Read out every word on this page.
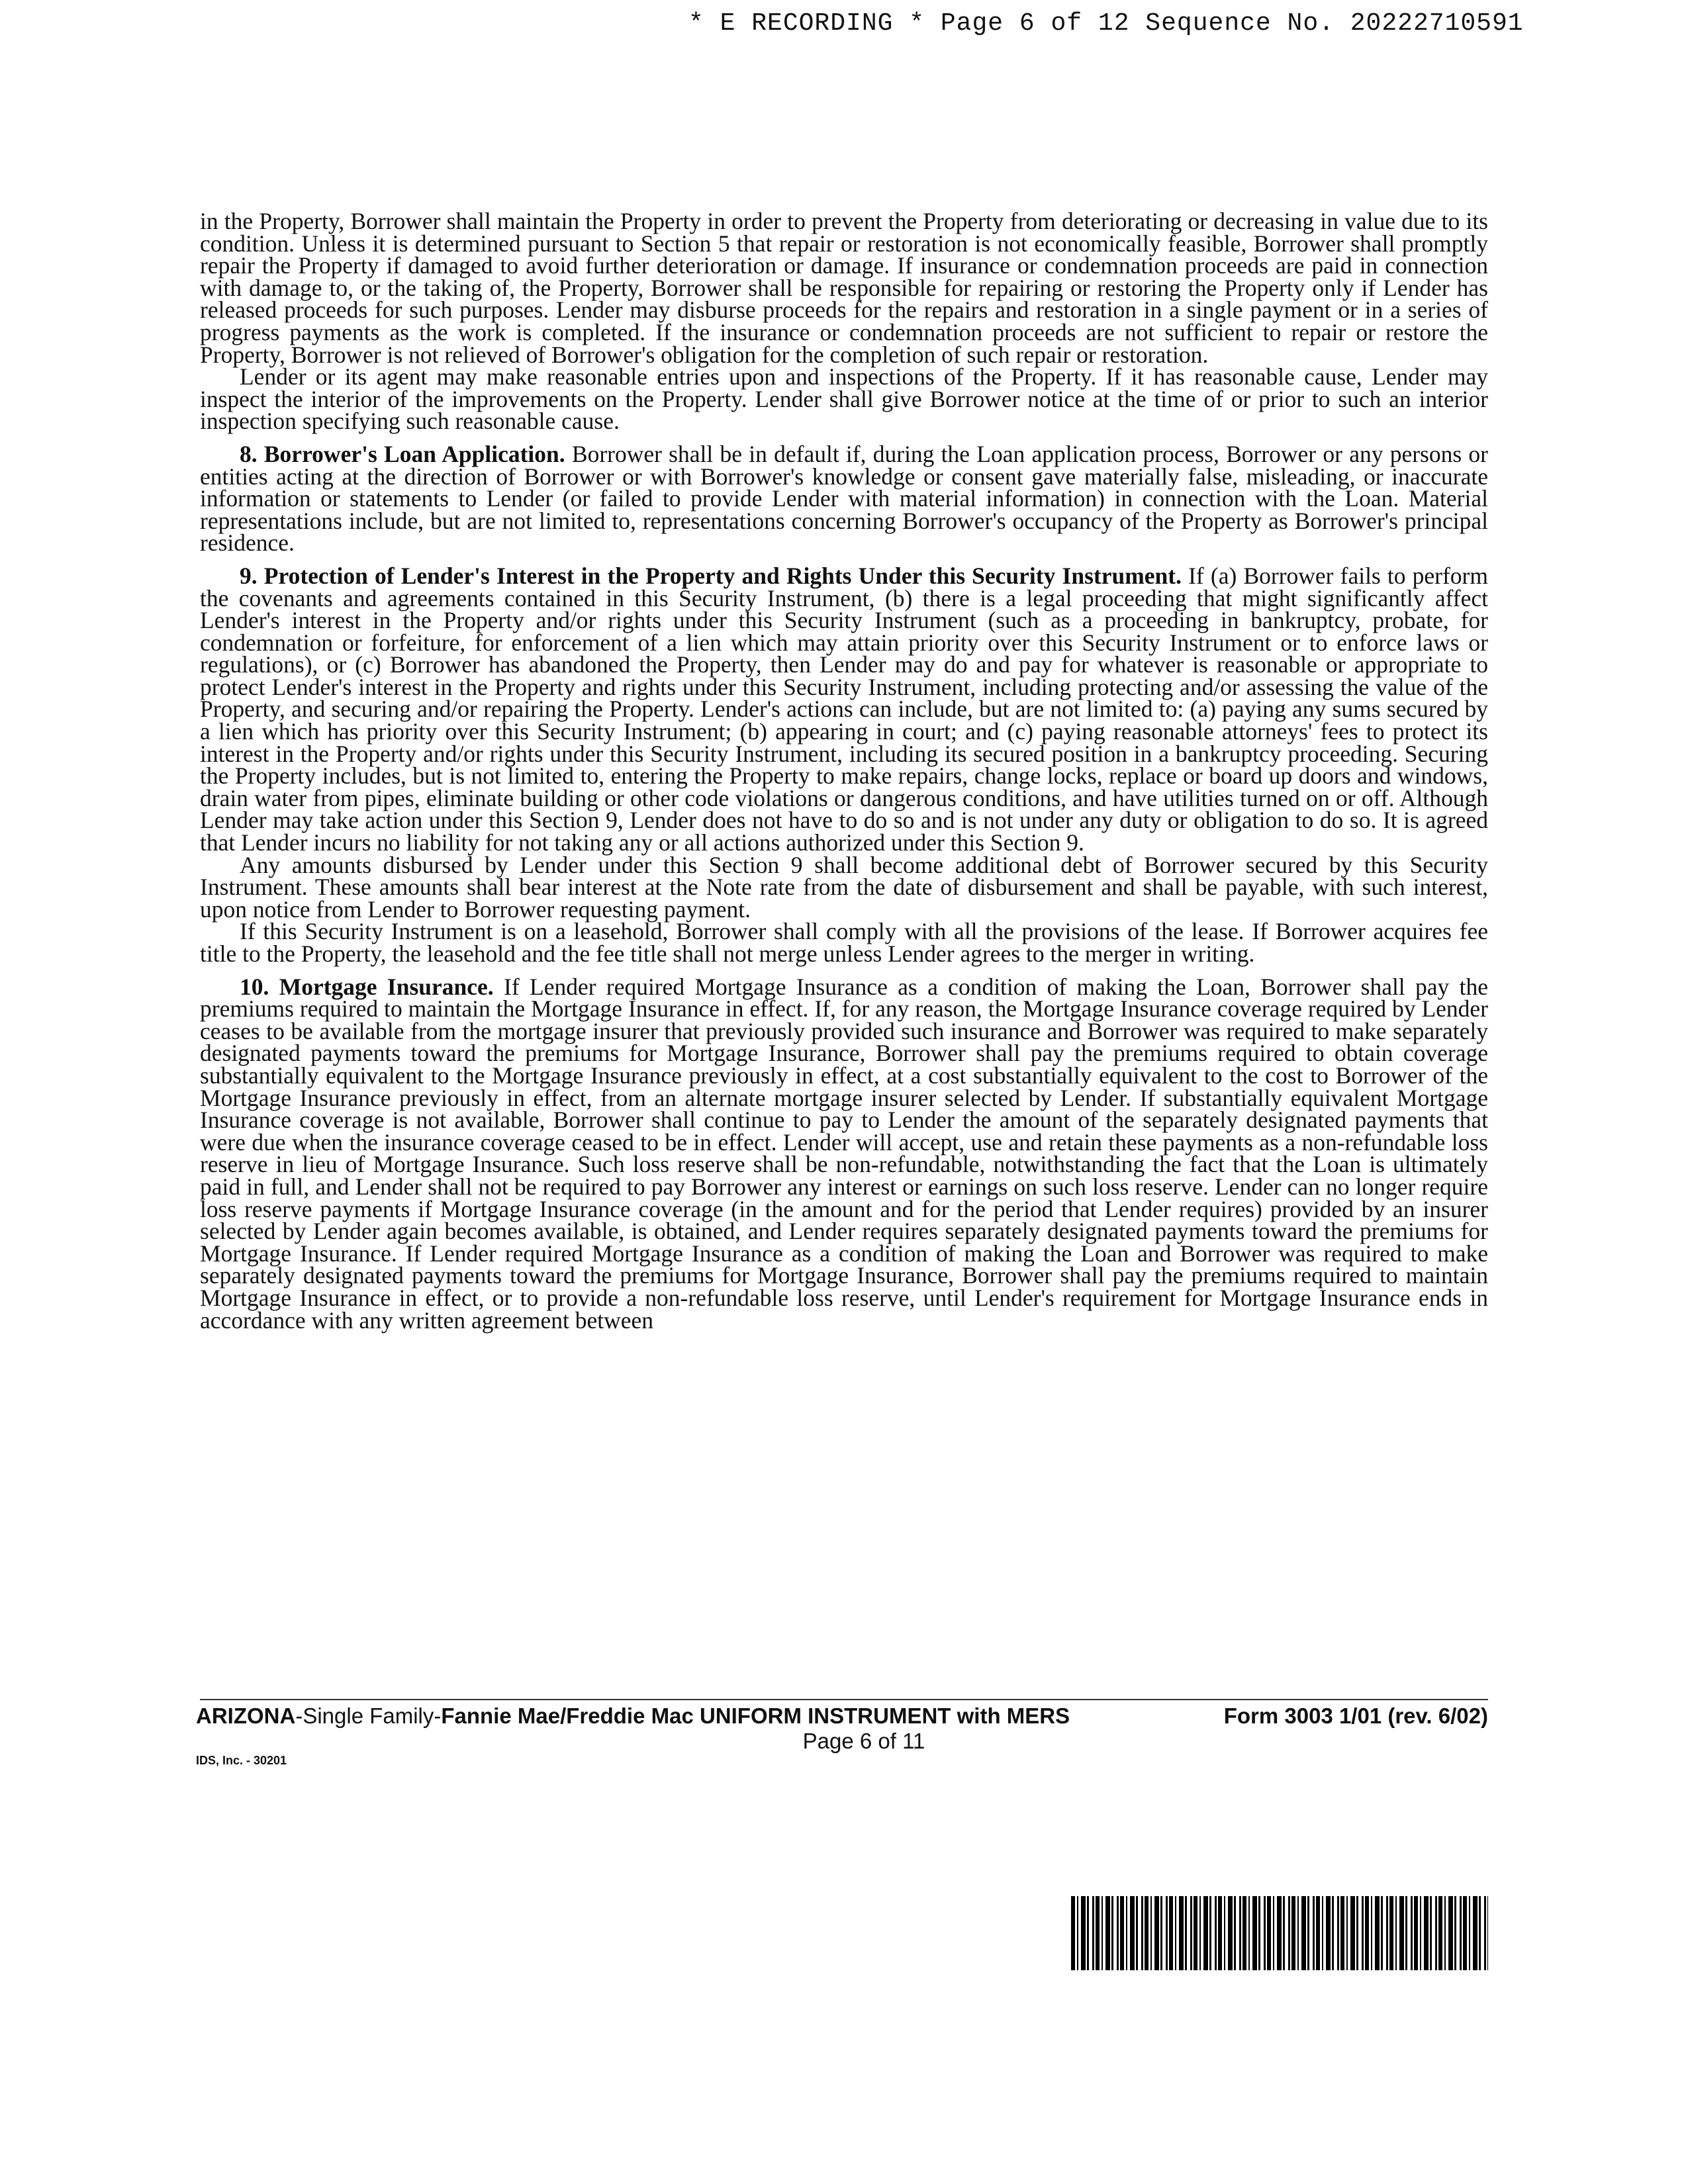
* E RECORDING * Page 6 of 12 Sequence No. 20222710591

in the Property, Borrower shall maintain the Property in order to prevent the Property from deteriorating or decreasing in value due to its condition. Unless it is determined pursuant to Section 5 that repair or restoration is not economically feasible, Borrower shall promptly repair the Property if damaged to avoid further deterioration or damage. If insurance or condemnation proceeds are paid in connection with damage to, or the taking of, the Property, Borrower shall be responsible for repairing or restoring the Property only if Lender has released proceeds for such purposes. Lender may disburse proceeds for the repairs and restoration in a single payment or in a series of progress payments as the work is completed. If the insurance or condemnation proceeds are not sufficient to repair or restore the Property, Borrower is not relieved of Borrower's obligation for the completion of such repair or restoration.

Lender or its agent may make reasonable entries upon and inspections of the Property. If it has reasonable cause, Lender may inspect the interior of the improvements on the Property. Lender shall give Borrower notice at the time of or prior to such an interior inspection specifying such reasonable cause.

8. Borrower's Loan Application. Borrower shall be in default if, during the Loan application process, Borrower or any persons or entities acting at the direction of Borrower or with Borrower's knowledge or consent gave materially false, misleading, or inaccurate information or statements to Lender (or failed to provide Lender with material information) in connection with the Loan. Material representations include, but are not limited to, representations concerning Borrower's occupancy of the Property as Borrower's principal residence.

9. Protection of Lender's Interest in the Property and Rights Under this Security Instrument. If (a) Borrower fails to perform the covenants and agreements contained in this Security Instrument, (b) there is a legal proceeding that might significantly affect Lender's interest in the Property and/or rights under this Security Instrument (such as a proceeding in bankruptcy, probate, for condemnation or forfeiture, for enforcement of a lien which may attain priority over this Security Instrument or to enforce laws or regulations), or (c) Borrower has abandoned the Property, then Lender may do and pay for whatever is reasonable or appropriate to protect Lender's interest in the Property and rights under this Security Instrument, including protecting and/or assessing the value of the Property, and securing and/or repairing the Property. Lender's actions can include, but are not limited to: (a) paying any sums secured by a lien which has priority over this Security Instrument; (b) appearing in court; and (c) paying reasonable attorneys' fees to protect its interest in the Property and/or rights under this Security Instrument, including its secured position in a bankruptcy proceeding. Securing the Property includes, but is not limited to, entering the Property to make repairs, change locks, replace or board up doors and windows, drain water from pipes, eliminate building or other code violations or dangerous conditions, and have utilities turned on or off. Although Lender may take action under this Section 9, Lender does not have to do so and is not under any duty or obligation to do so. It is agreed that Lender incurs no liability for not taking any or all actions authorized under this Section 9.

Any amounts disbursed by Lender under this Section 9 shall become additional debt of Borrower secured by this Security Instrument. These amounts shall bear interest at the Note rate from the date of disbursement and shall be payable, with such interest, upon notice from Lender to Borrower requesting payment.

If this Security Instrument is on a leasehold, Borrower shall comply with all the provisions of the lease. If Borrower acquires fee title to the Property, the leasehold and the fee title shall not merge unless Lender agrees to the merger in writing.

10. Mortgage Insurance. If Lender required Mortgage Insurance as a condition of making the Loan, Borrower shall pay the premiums required to maintain the Mortgage Insurance in effect. If, for any reason, the Mortgage Insurance coverage required by Lender ceases to be available from the mortgage insurer that previously provided such insurance and Borrower was required to make separately designated payments toward the premiums for Mortgage Insurance, Borrower shall pay the premiums required to obtain coverage substantially equivalent to the Mortgage Insurance previously in effect, at a cost substantially equivalent to the cost to Borrower of the Mortgage Insurance previously in effect, from an alternate mortgage insurer selected by Lender. If substantially equivalent Mortgage Insurance coverage is not available, Borrower shall continue to pay to Lender the amount of the separately designated payments that were due when the insurance coverage ceased to be in effect. Lender will accept, use and retain these payments as a non-refundable loss reserve in lieu of Mortgage Insurance. Such loss reserve shall be non-refundable, notwithstanding the fact that the Loan is ultimately paid in full, and Lender shall not be required to pay Borrower any interest or earnings on such loss reserve. Lender can no longer require loss reserve payments if Mortgage Insurance coverage (in the amount and for the period that Lender requires) provided by an insurer selected by Lender again becomes available, is obtained, and Lender requires separately designated payments toward the premiums for Mortgage Insurance. If Lender required Mortgage Insurance as a condition of making the Loan and Borrower was required to make separately designated payments toward the premiums for Mortgage Insurance, Borrower shall pay the premiums required to maintain Mortgage Insurance in effect, or to provide a non-refundable loss reserve, until Lender's requirement for Mortgage Insurance ends in accordance with any written agreement between

ARIZONA-Single Family-Fannie Mae/Freddie Mac UNIFORM INSTRUMENT with MERS	Form 3003 1/01 (rev. 6/02)
Page 6 of 11
IDS, Inc. - 30201
